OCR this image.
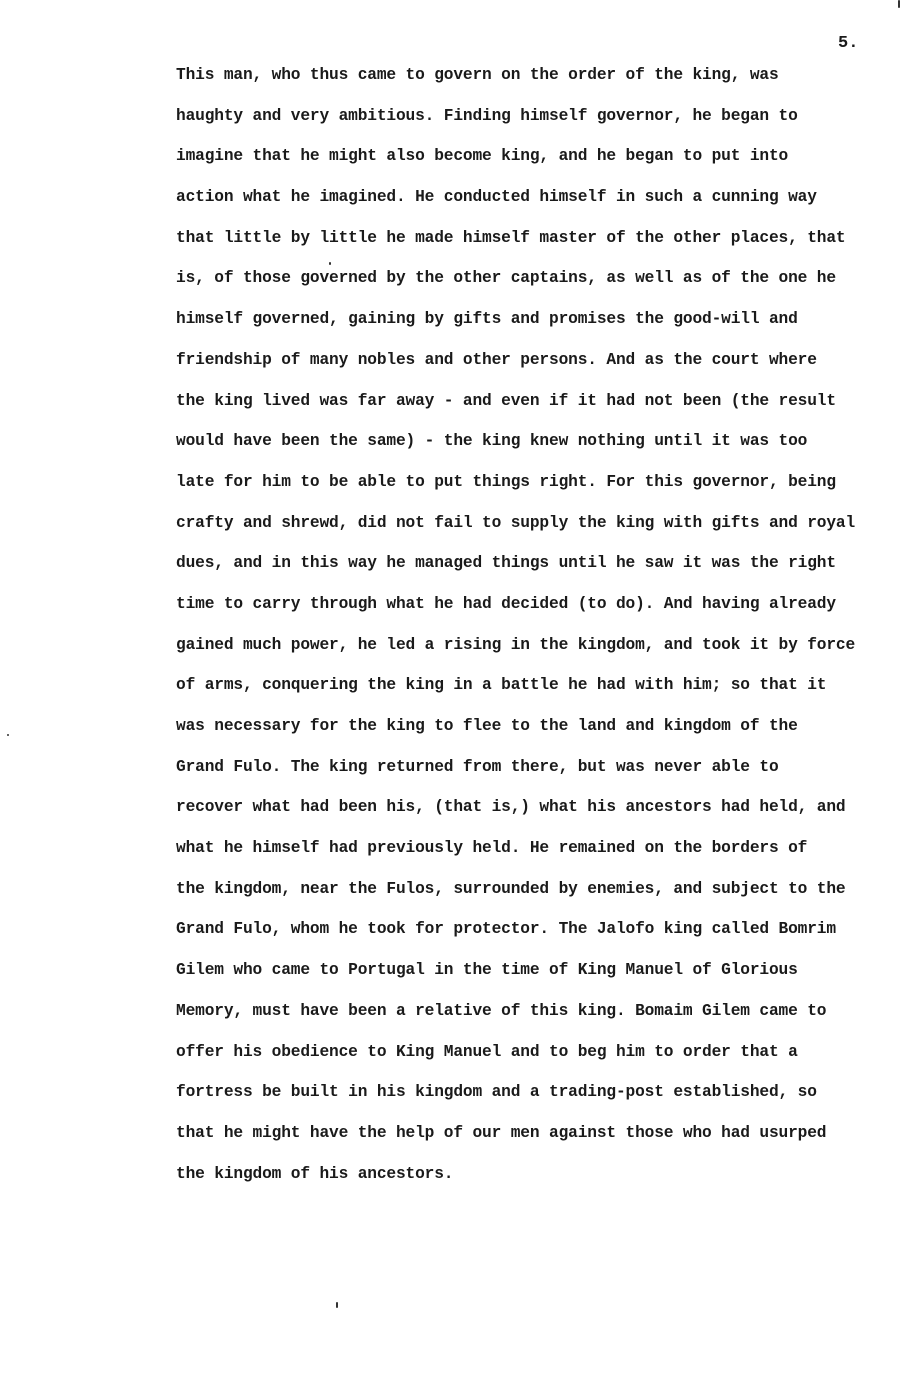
5.
This man, who thus came to govern on the order of the king, was
haughty and very ambitious. Finding himself governor, he began to
imagine that he might also become king, and he began to put into
action what he imagined. He conducted himself in such a cunning way
that little by little he made himself master of the other places, that
is, of those governed by the other captains, as well as of the one he
himself governed, gaining by gifts and promises the good-will and
friendship of many nobles and other persons. And as the court where
the king lived was far away - and even if it had not been (the result
would have been the same) - the king knew nothing until it was too
late for him to be able to put things right. For this governor, being
crafty and shrewd, did not fail to supply the king with gifts and royal
dues, and in this way he managed things until he saw it was the right
time to carry through what he had decided (to do). And having already
gained much power, he led a rising in the kingdom, and took it by force
of arms, conquering the king in a battle he had with him; so that it
was necessary for the king to flee to the land and kingdom of the
Grand Fulo. The king returned from there, but was never able to
recover what had been his, (that is,) what his ancestors had held, and
what he himself had previously held. He remained on the borders of
the kingdom, near the Fulos, surrounded by enemies, and subject to the
Grand Fulo, whom he took for protector. The Jalofo king called Bomrim
Gilem who came to Portugal in the time of King Manuel of Glorious
Memory, must have been a relative of this king. Bomaim Gilem came to
offer his obedience to King Manuel and to beg him to order that a
fortress be built in his kingdom and a trading-post established, so
that he might have the help of our men against those who had usurped
the kingdom of his ancestors.
